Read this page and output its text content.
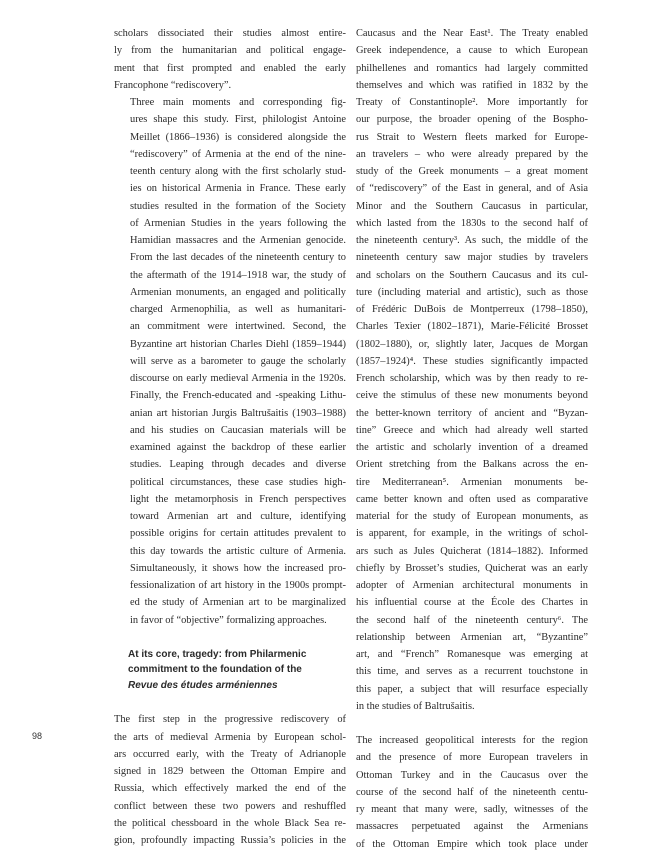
scholars dissociated their studies almost entire-
ly from the humanitarian and political engage-
ment that first prompted and enabled the early
Francophone “rediscovery”.

Three main moments and corresponding fig-
ures shape this study. First, philologist Antoine
Meillet (1866–1936) is considered alongside the
“rediscovery” of Armenia at the end of the nine-
teenth century along with the first scholarly stud-
ies on historical Armenia in France. These early
studies resulted in the formation of the Society
of Armenian Studies in the years following the
Hamidian massacres and the Armenian genocide.
From the last decades of the nineteenth century to
the aftermath of the 1914–1918 war, the study of
Armenian monuments, an engaged and politically
charged Armenophilia, as well as humanitari-
an commitment were intertwined. Second, the
Byzantine art historian Charles Diehl (1859–1944)
will serve as a barometer to gauge the scholarly
discourse on early medieval Armenia in the 1920s.
Finally, the French-educated and -speaking Lithu-
anian art historian Jurgis Baltrušaitis (1903–1988)
and his studies on Caucasian materials will be
examined against the backdrop of these earlier
studies. Leaping through decades and diverse
political circumstances, these case studies high-
light the metamorphosis in French perspectives
toward Armenian art and culture, identifying
possible origins for certain attitudes prevalent to
this day towards the artistic culture of Armenia.
Simultaneously, it shows how the increased pro-
fessionalization of art history in the 1900s prompt-
ed the study of Armenian art to be marginalized
in favor of “objective” formalizing approaches.

At its core, tragedy: from Philarmenic
commitment to the foundation of the
Revue des études arméniennes

The first step in the progressive rediscovery of
the arts of medieval Armenia by European schol-
ars occurred early, with the Treaty of Adrianople
signed in 1829 between the Ottoman Empire and
Russia, which effectively marked the end of the
conflict between these two powers and reshuffled
the political chessboard in the whole Black Sea re-
gion, profoundly impacting Russia’s policies in the

Caucasus and the Near East¹. The Treaty enabled
Greek independence, a cause to which European
philhellenes and romantics had largely committed
themselves and which was ratified in 1832 by the
Treaty of Constantinople². More importantly for
our purpose, the broader opening of the Bospho-
rus Strait to Western fleets marked for Europe-
an travelers – who were already prepared by the
study of the Greek monuments – a great moment
of “rediscovery” of the East in general, and of Asia
Minor and the Southern Caucasus in particular,
which lasted from the 1830s to the second half of
the nineteenth century³. As such, the middle of the
nineteenth century saw major studies by travelers
and scholars on the Southern Caucasus and its cul-
ture (including material and artistic), such as those
of Frédéric DuBois de Montperreux (1798–1850),
Charles Texier (1802–1871), Marie-Félicité Brosset
(1802–1880), or, slightly later, Jacques de Morgan
(1857–1924)⁴. These studies significantly impacted
French scholarship, which was by then ready to re-
ceive the stimulus of these new monuments beyond
the better-known territory of ancient and “Byzan-
tine” Greece and which had already well started
the artistic and scholarly invention of a dreamed
Orient stretching from the Balkans across the en-
tire Mediterranean⁵. Armenian monuments be-
came better known and often used as comparative
material for the study of European monuments, as
is apparent, for example, in the writings of schol-
ars such as Jules Quicherat (1814–1882). Informed
chiefly by Brosset’s studies, Quicherat was an early
adopter of Armenian architectural monuments in
his influential course at the École des Chartes in
the second half of the nineteenth century⁶. The
relationship between Armenian art, “Byzantine”
art, and “French” Romanesque was emerging at
this time, and serves as a recurrent touchstone in
this paper, a subject that will resurface especially
in the studies of Baltrušaitis.

The increased geopolitical interests for the region
and the presence of more European travelers in
Ottoman Turkey and in the Caucasus over the
course of the second half of the nineteenth centu-
ry meant that many were, sadly, witnesses of the
massacres perpetuated against the Armenians
of the Ottoman Empire which took place under

98
